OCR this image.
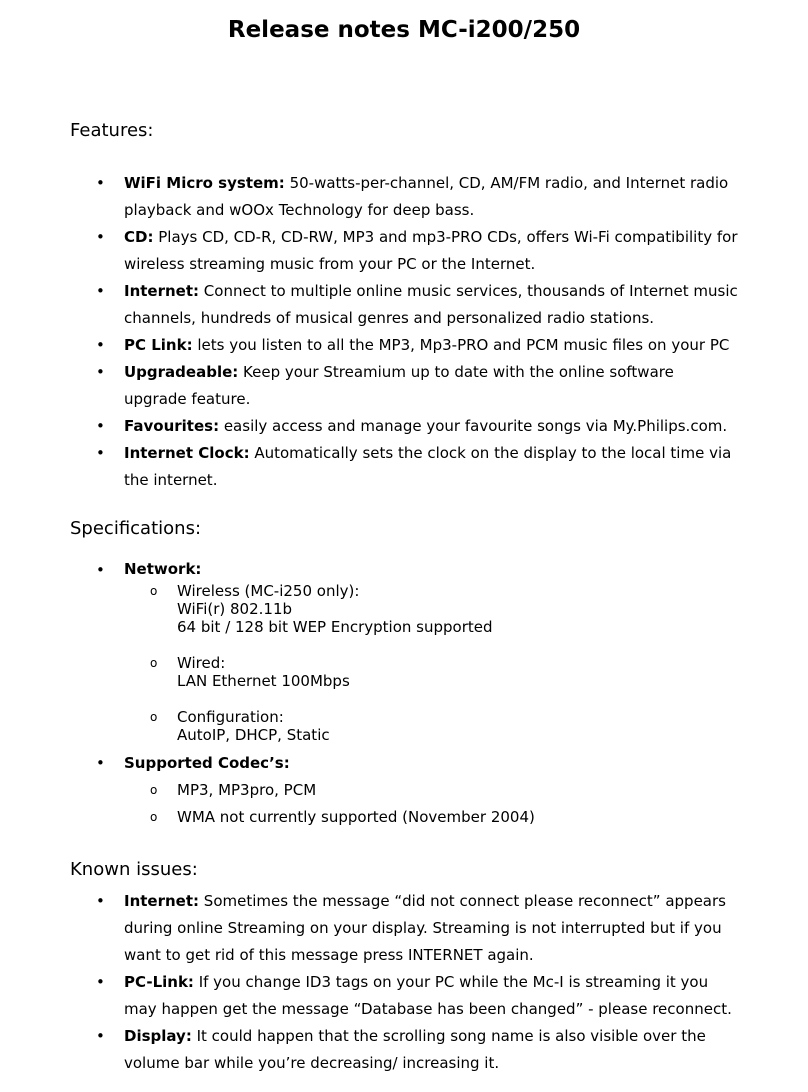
Release notes MC-i200/250
Features:
• WiFi Micro system: 50-watts-per-channel, CD, AM/FM radio, and Internet radio playback and wOOx Technology for deep bass.
• CD: Plays CD, CD-R, CD-RW, MP3 and mp3-PRO CDs, offers Wi-Fi compatibility for wireless streaming music from your PC or the Internet.
• Internet: Connect to multiple online music services, thousands of Internet music channels, hundreds of musical genres and personalized radio stations.
• PC Link: lets you listen to all the MP3, Mp3-PRO and PCM music files on your PC
• Upgradeable: Keep your Streamium up to date with the online software upgrade feature.
• Favourites: easily access and manage your favourite songs via My.Philips.com.
• Internet Clock: Automatically sets the clock on the display to the local time via the internet.
Specifications:
• Network:
o Wireless (MC-i250 only):
WiFi(r) 802.11b
64 bit / 128 bit WEP Encryption supported
o Wired:
LAN Ethernet 100Mbps
o Configuration:
AutoIP, DHCP, Static
• Supported Codec’s:
o MP3, MP3pro, PCM
o WMA not currently supported (November 2004)
Known issues:
• Internet: Sometimes the message “did not connect please reconnect” appears during online Streaming on your display. Streaming is not interrupted but if you want to get rid of this message press INTERNET again.
• PC-Link: If you change ID3 tags on your PC while the Mc-I is streaming it you may happen get the message “Database has been changed” - please reconnect.
• Display: It could happen that the scrolling song name is also visible over the volume bar while you’re decreasing/ increasing it.
